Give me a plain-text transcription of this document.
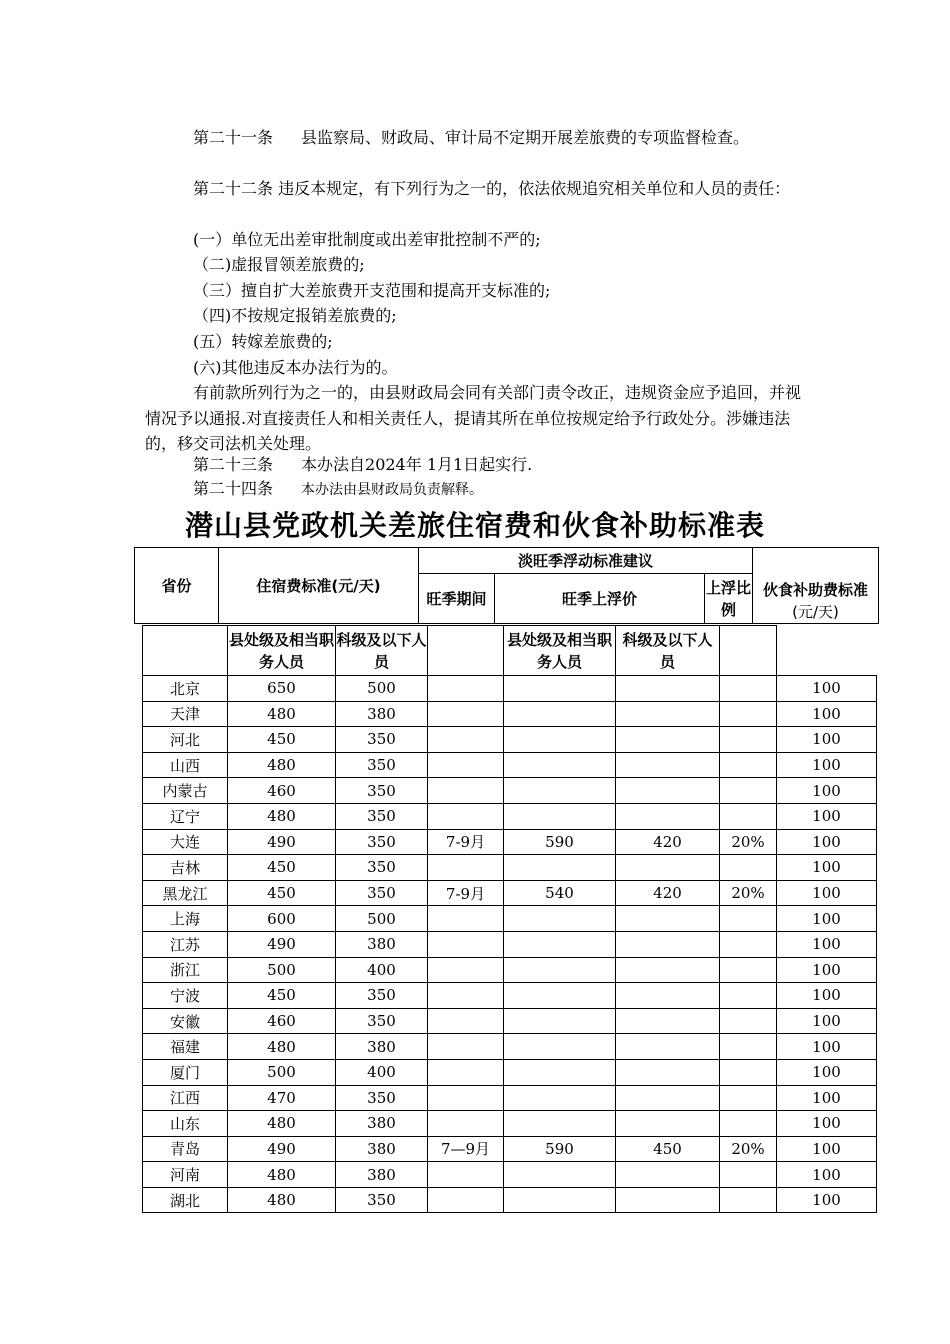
第二十一条 县监察局、财政局、审计局不定期开展差旅费的专项监督检查。
第二十二条 违反本规定，有下列行为之一的，依法依规追究相关单位和人员的责任：
(一）单位无出差审批制度或出差审批控制不严的;
（二)虚报冒领差旅费的;
（三）擅自扩大差旅费开支范围和提高开支标准的;
（四)不按规定报销差旅费的;
(五）转嫁差旅费的;
(六)其他违反本办法行为的。
有前款所列行为之一的，由县财政局会同有关部门责令改正，违规资金应予追回，并视情况予以通报.对直接责任人和相关责任人，提请其所在单位按规定给予行政处分。涉嫌违法的，移交司法机关处理。
第二十三条 本办法自2024年 1月1日起实行.
第二十四条 本办法由县财政局负责解释。
潜山县党政机关差旅住宿费和伙食补助标准表
省份	住宿费标准(元/天)	淡旺季浮动标准建议			伙食补助费标准
(元/天)

		旺季期间	旺季上浮价	上浮比例	
	县处级及相当职务人员	科级及以下人员		县处级及相当职务人员	科级及以下人员		
北京	650	500					100
天津	480	380					100
河北	450	350					100
山西	480	350					100
内蒙古	460	350					100
辽宁	480	350					100
大连	490	350	7-9月	590	420	20%	100
吉林	450	350					100
黑龙江	450	350	7-9月	540	420	20%	100
上海	600	500					100
江苏	490	380					100
浙江	500	400					100
宁波	450	350					100
安徽	460	350					100
福建	480	380					100
厦门	500	400					100
江西	470	350					100
山东	480	380					100
青岛	490	380	7—9月	590	450	20%	100
河南	480	380					100
湖北	480	350					100
